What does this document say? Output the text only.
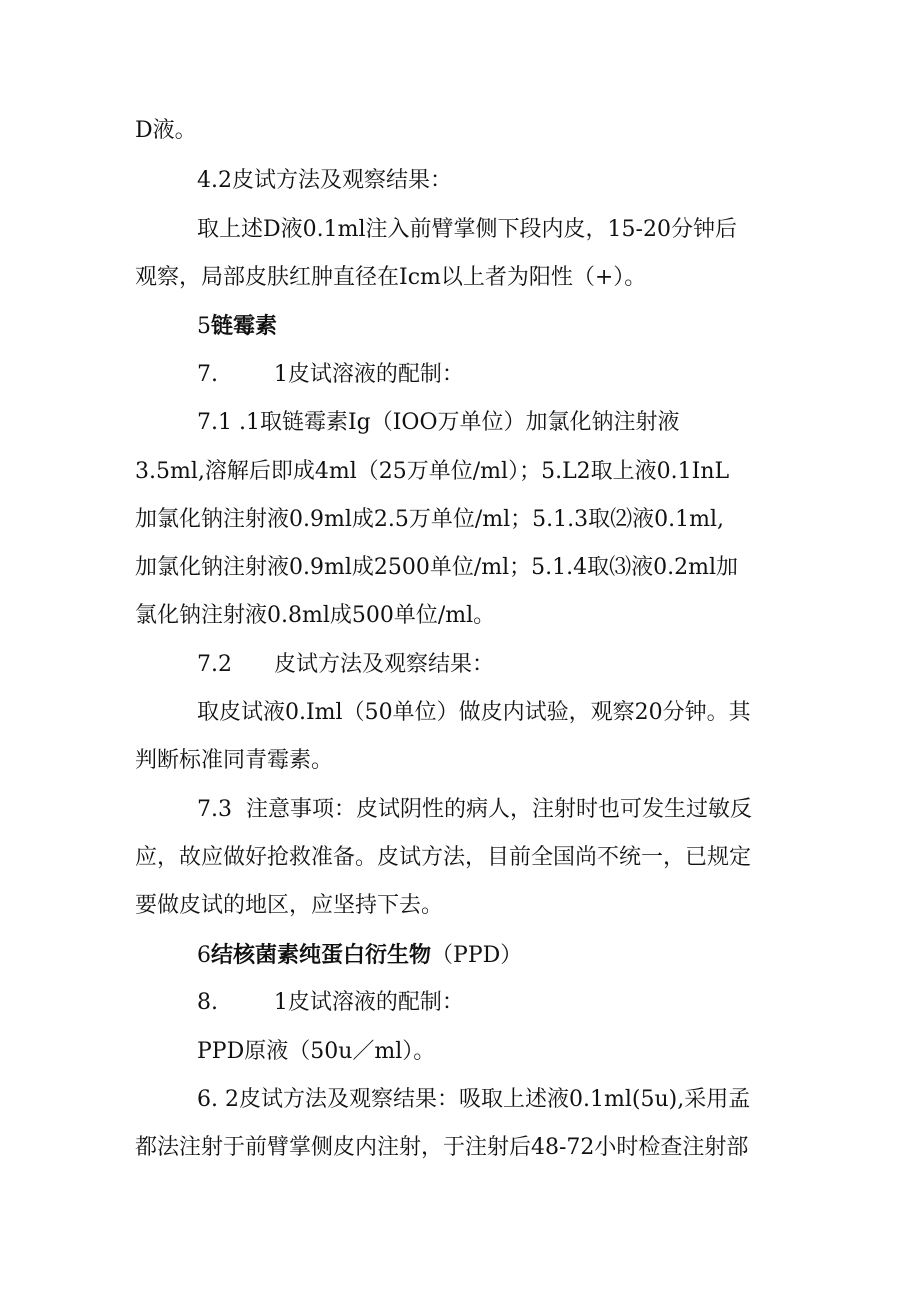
D液。
4.2皮试方法及观察结果：
取上述D液0.1ml注入前臂掌侧下段内皮，15-20分钟后
观察，局部皮肤红肿直径在Icm以上者为阳性（+）。
5链霉素
7.        1皮试溶液的配制：
7.1 .1取链霉素Ig（IOO万单位）加氯化钠注射液
3.5ml,溶解后即成4ml（25万单位/ml）；5.L2取上液0.1InL
加氯化钠注射液0.9ml成2.5万单位/ml；5.1.3取⑵液0.1ml,
加氯化钠注射液0.9ml成2500单位/ml；5.1.4取⑶液0.2ml加
氯化钠注射液0.8ml成500单位/ml。
7.2      皮试方法及观察结果：
取皮试液0.Iml（50单位）做皮内试验，观察20分钟。其
判断标准同青霉素。
7.3  注意事项：皮试阴性的病人，注射时也可发生过敏反
应，故应做好抢救准备。皮试方法，目前全国尚不统一，已规定
要做皮试的地区，应坚持下去。
6结核菌素纯蛋白衍生物（PPD）
8.        1皮试溶液的配制：
PPD原液（50u／ml）。
6. 2皮试方法及观察结果：吸取上述液0.1ml(5u),采用孟
都法注射于前臂掌侧皮内注射，于注射后48-72小时检查注射部
